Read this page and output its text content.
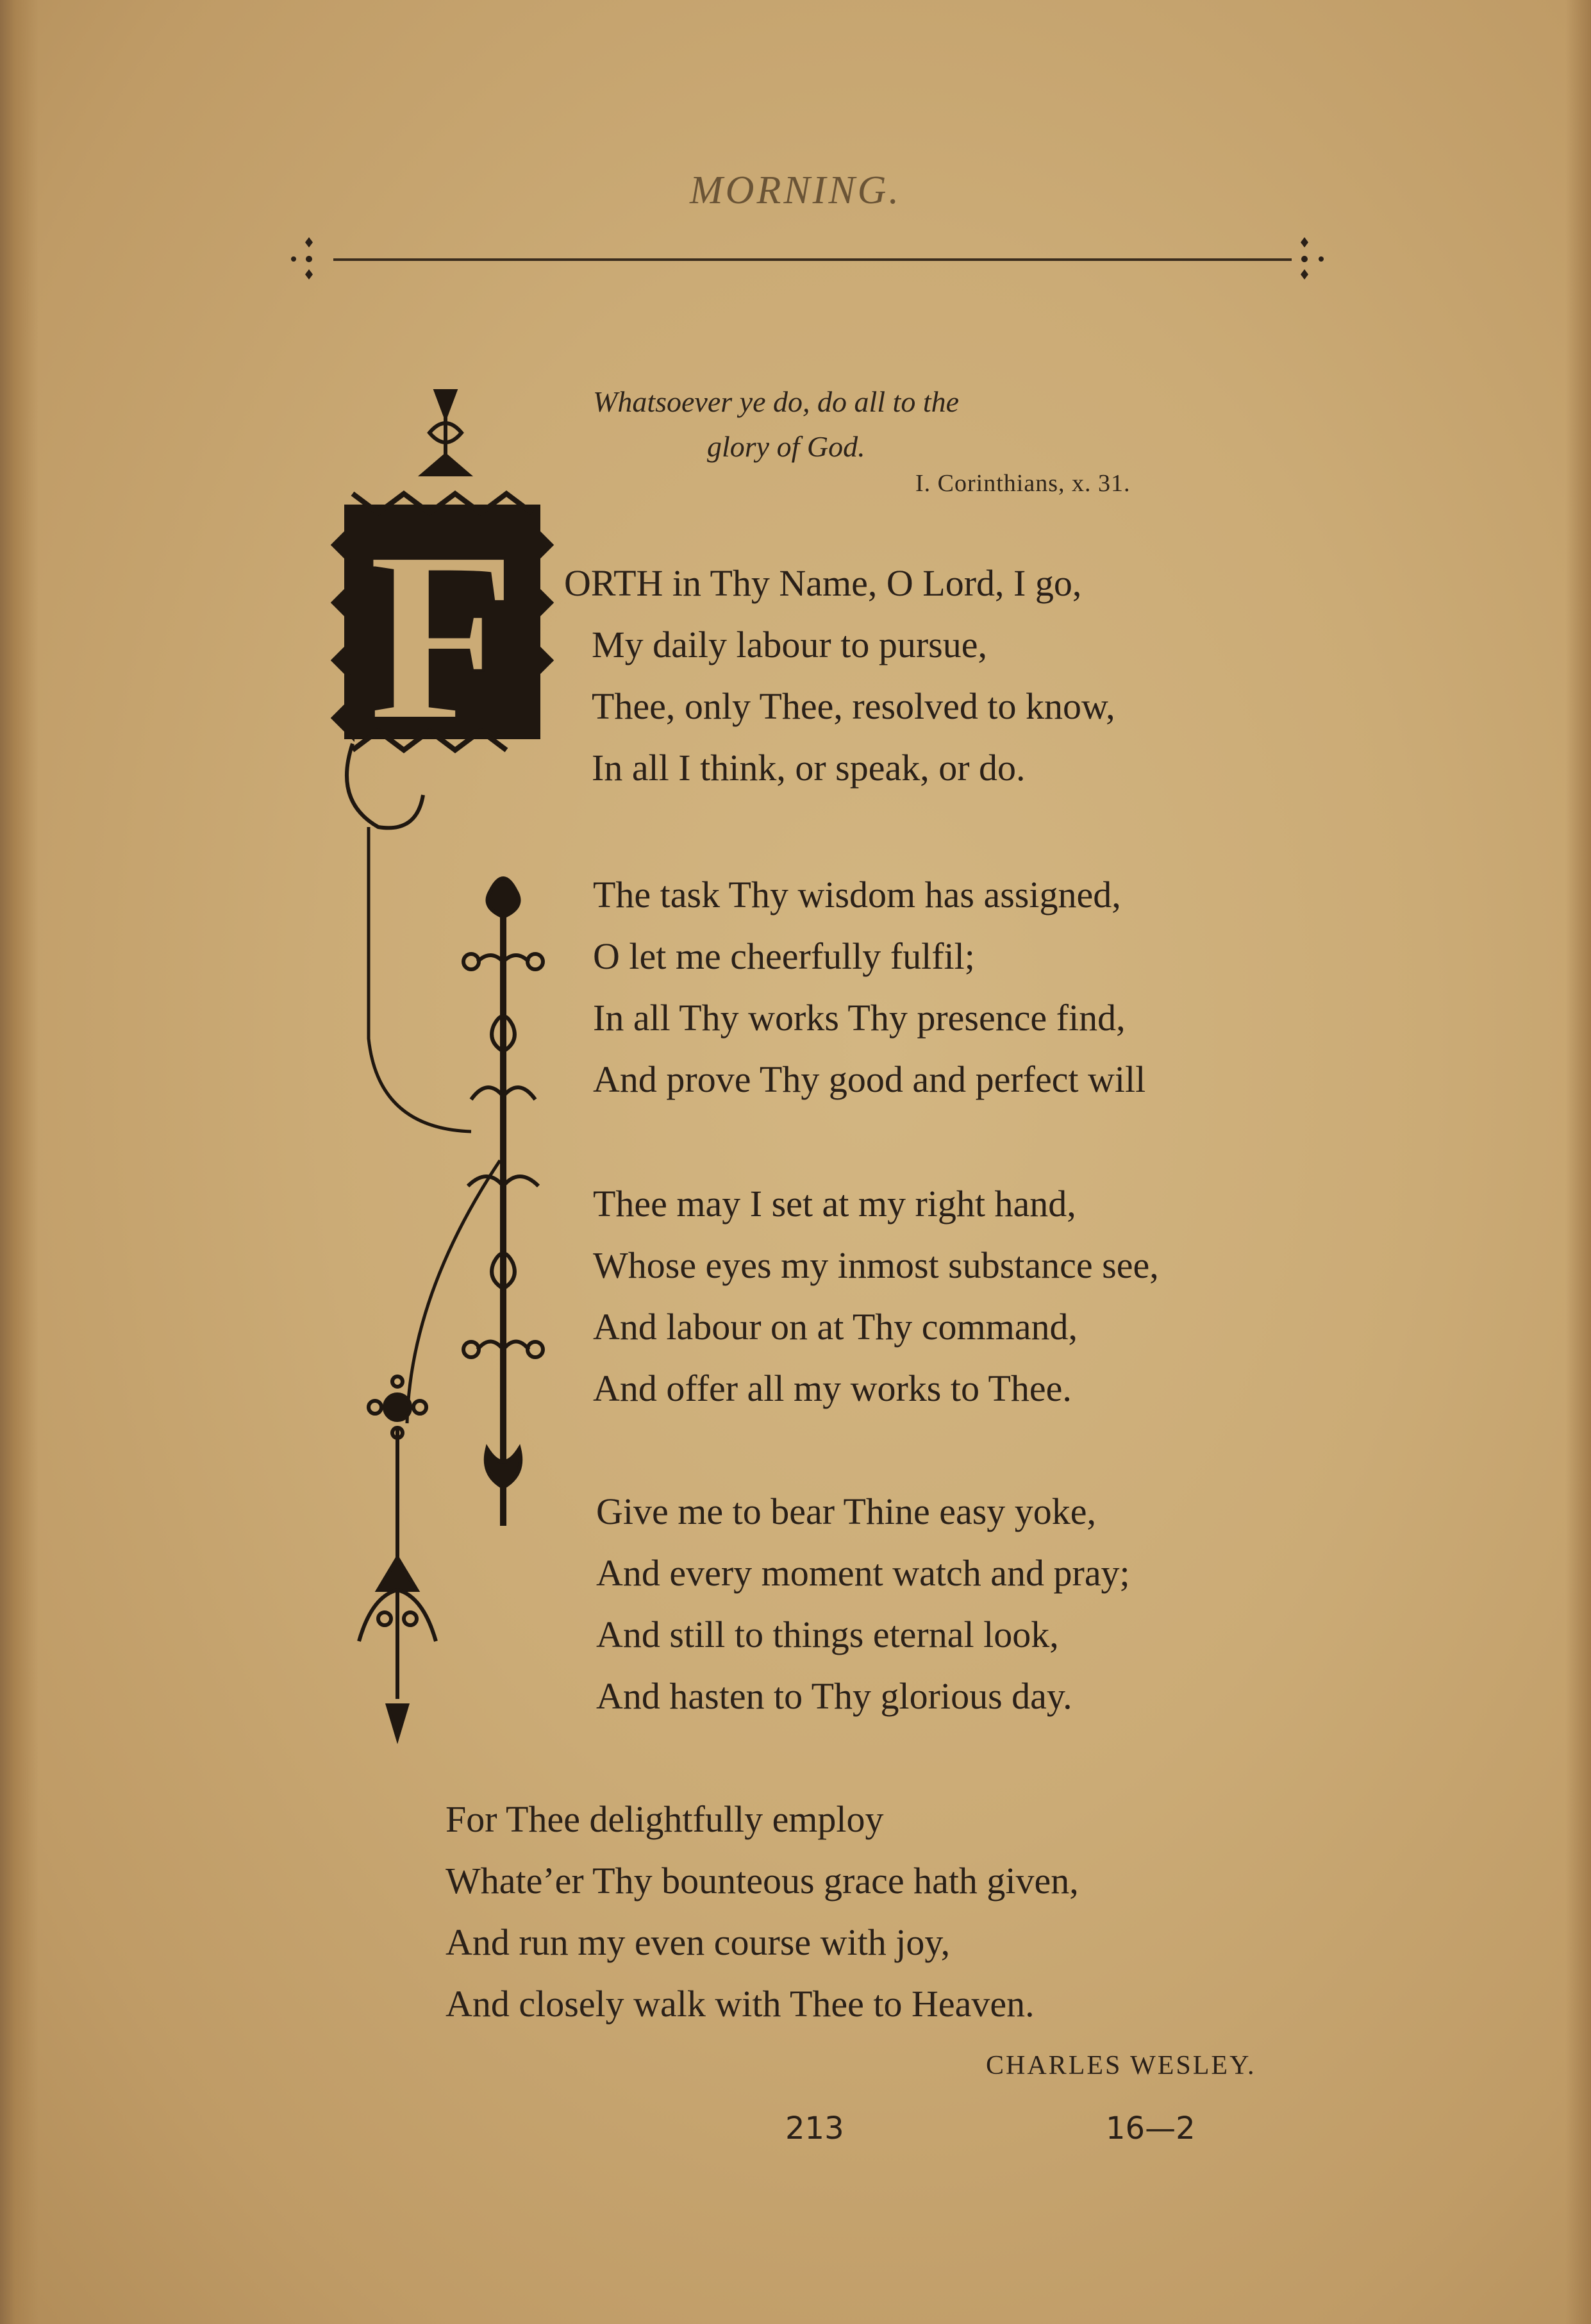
MORNING.
F
Whatsoever ye do, do all to the
glory of God.
I. Corinthians, x. 31.
ORTH in Thy Name, O Lord, I go,
My daily labour to pursue,
Thee, only Thee, resolved to know,
In all I think, or speak, or do.
The task Thy wisdom has assigned,
O let me cheerfully fulfil;
In all Thy works Thy presence find,
And prove Thy good and perfect will
Thee may I set at my right hand,
Whose eyes my inmost substance see,
And labour on at Thy command,
And offer all my works to Thee.
Give me to bear Thine easy yoke,
And every moment watch and pray;
And still to things eternal look,
And hasten to Thy glorious day.
For Thee delightfully employ
Whate’er Thy bounteous grace hath given,
And run my even course with joy,
And closely walk with Thee to Heaven.
CHARLES WESLEY.
213	16—2
